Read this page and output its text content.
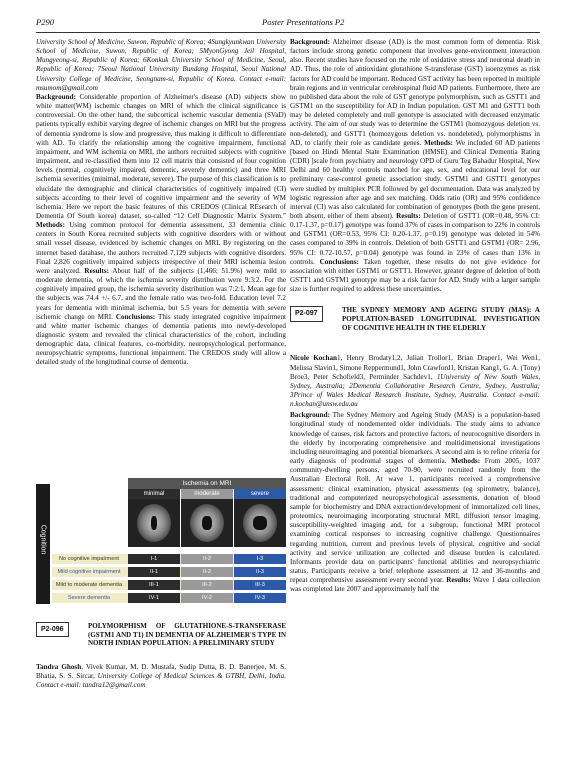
P290	Poster Presentations P2

University School of Medicine, Suwon, Republic of Korea; 4Sungkyunkwan University School of Medicine, Suwon, Republic of Korea; 5MyonGyong Jeil Hospital, Mungyeong-si, Republic of Korea; 6Konkuk University School of Medicine, Seoul, Republic of Korea; 7Seoul National University Bundang Hospital, Seoul National University College of Medicine, Seongnam-si, Republic of Korea. Contact e-mail: msumom@gmail.com

Background: Considerable proportion of Alzheimer's disease (AD) subjects show white matter(WM) ischemic changes on MRI of which the clinical significance is controversial. On the other hand, the subcortical ischemic vascular dementia (SVaD) patients typically exhibit varying degree of ischemic changes on MRI but the progress of dementia syndrome is slow and progressive, thus making it difficult to differentiate with AD. To clarify the relationship among the cognitive impairment, functional impairment, and WM ischemia on MRI, the authors recruited subjects with cognitive impairment, and re-classified them into 12 cell matrix that consisted of four cognition levels (normal, cognitively impaired, dementic, severely dementic) and three MRI ischemia severities (minimal, moderate, severe). The purpose of this classification is to elucidate the demographic and clinical characteristics of cognitively impaired (CI) subjects according to their level of cognitive impairment and the severity of WM ischemia. Here we report the basic features of this CREDOS (Clinical REsearch of Dementia Of South korea) dataset, so-called “12 Cell Diagnostic Matrix System.” Methods: Using common protocol for dementia assessment, 33 dementia clinic centers in South Korea recruited subjects with cognitive disorders with or without small vessel disease, evidenced by ischemic changes on MRI. By registering on the internet based database, the authors recruited 7,129 subjects with cognitive disorders. Final 2,826 cognitively impaired subjects irrespective of their MRI ischemia lesion were analyzed. Results: About half of the subjects (1,466; 51.9%) were mild to moderate dementia, of which the ischemia severity distribution were 9:3:2. For the cognitively impaired group, the ischemia severity distribution was 7:2:1. Mean age for the subjects was 74.4 +/- 6.7, and the female ratio was two-fold. Education level 7.2 years for dementia with minimal ischemia, but 5.5 years for dementia with severe ischemic change on MRI. Conclusions: This study integrated cognitive impairment and white matter ischemic changes of dementia patients into newly-developed diagnostic system and revealed the clinical characteristics of the cohort, including demographic data, clinical features, co-morbidity, neuropsychological performance, neuropsychiatric symptoms, functional impairment. The CREDOS study will allow a detailed study of the longitudinal course of dementia.

Cognition
Ischemia on MRI
minimal	moderate	severe
No cognitive impairment	I-1	II-2	I-3
Mild cognitive impairment	II-1	II-2	II-3
Mild to moderate dementia	III-1	III-2	III-3
Severe dementia	IV-1	IV-2	IV-3
P2-096	POLYMORPHISM OF GLUTATHIONE-S-TRANSFERASE (GSTM1 AND T1) IN DEMENTIA OF ALZHEIMER'S TYPE IN NORTH INDIAN POPULATION: A PRELIMINARY STUDY

Tandra Ghosh, Vivek Kumar, M. D. Mustafa, Sudip Dutta, B. D. Banerjee, M. S. Bhatia, S. S. Sircar, University College of Medical Sciences & GTBH, Delhi, India. Contact e-mail: tandra12@gmail.com

Background: Alzheimer disease (AD) is the most common form of dementia. Risk factors include strong genetic component that involves gene-environment interaction also. Recent studies have focused on the role of oxidative stress and neuronal death in AD. Thus, the role of antioxidant glutathione S-transferase (GST) isoenzymes as risk factors for AD could be important. Reduced GST activity has been reported in multiple brain regions and in ventricular cerebrospinal fluid AD patients. Furthermore, there are no published data about the role of GST genotype polymorphism, such as GSTT1 and GSTM1 on the susceptibility for AD in Indian population. GST M1 and GSTT1 both may be deleted completely and null genotype is associated with decreased enzymatic activity. The aim of our study was to determine the GSTM1 (homozygous deletion vs. non-deleted), and GSTT1 (homozygous deletion vs. nondeleted), polymorphisms in AD, to clarify their role as candidate genes. Methods: We included 60 AD patients [based on Hindi Mental State Examination (HMSE) and Clinical Dementia Rating (CDR) ]scale from psychiatry and neurology OPD of Guru Teg Bahadur Hospital, New Delhi and 60 healthy controls matched for age, sex, and educational level for our preliminary case-control genetic association study. GSTM1 and GSTT1 genotypes were studied by multiplex PCR followed by gel documentation. Data was analyzed by logistic regression after age and sex matching. Odds ratio (OR) and 95% confidence interval (CI) was also calculated for combination of genotypes (both the gene present, both absent, either of them absent). Results: Deletion of GSTT1 (OR=0.48, 95% CI: 0.17-1.37, p=0.17) genotype was found 37% of cases in comparison to 22% in controls and GSTM1 (OR=0.53, 95% CI: 0.20-1.37, p=0.19) genotype was deleted in 54% cases compared to 39% in controls. Deletion of both GSTT1 and GSTM1 (OR= 2.96, 95% CI: 0.72-10.57, p=0.04) genotype was found in 23% of cases than 13% in controls. Conclusions: Taken together, these results do not give evidence for association with either GSTM1 or GSTT1. However, greater degree of deletion of both GSTT1 and GSTM1 genotype may be a risk factor for AD. Study with a larger sample size is further required to address these uncertainties.

P2-097	THE SYDNEY MEMORY AND AGEING STUDY (MAS): A POPULATION-BASED LONGITUDINAL INVESTIGATION OF COGNITIVE HEALTH IN THE ELDERLY

Nicole Kochan1, Henry Brodaty1,2, Julian Trollor1, Brian Draper1, Wei Wen1, Melissa Slavin1, Simone Reppermund1, John Crawford1, Kristan Kang1, G. A. (Tony) Broe3, Peter Schofield3, Perminder Sachdev1, 1University of New South Wales, Sydney, Australia; 2Dementia Collaborative Research Centre, Sydney, Australia; 3Prince of Wales Medical Research Institute, Sydney, Australia. Contact e-mail: n.kochan@unsw.edu.au

Background: The Sydney Memory and Ageing Study (MAS) is a population-based longitudinal study of nondemented older individuals. The study aims to advance knowledge of causes, risk factors and protective factors, of neurocognitive disorders in the elderly by incorporating comprehensive and multidimensional investigations including neuroimaging and potential biomarkers. A second aim is to refine criteria for early diagnosis of prodromal stages of dementia. Methods: From 2005, 1037 community-dwelling persons, aged 70-90, were recruited randomly from the Australian Electoral Roll. At wave 1, participants received a comprehensive assessment: clinical examination, physical assessments (eg spirometry, balance), traditional and computerized neuropsychological assessments, donation of blood sample for biochemistry and DNA extraction/development of immortalized cell lines, proteomics, neuroimaging incorporating structural MRI, diffusion tensor imaging, susceptibility-weighted imaging and, for a subgroup, functional MRI protocol examining cortical responses to increasing cognitive challenge. Questionnaires regarding nutrition, current and previous levels of physical, cognitive and social activity and service utilization are collected and disease burden is calculated. Informants provide data on participants' functional abilities and neuropsychiatric status. Participants receive a brief telephone assessment at 12 and 36-months and repeat comprehensive assessment every second year. Results: Wave 1 data collection was completed late 2007 and approximately half the
